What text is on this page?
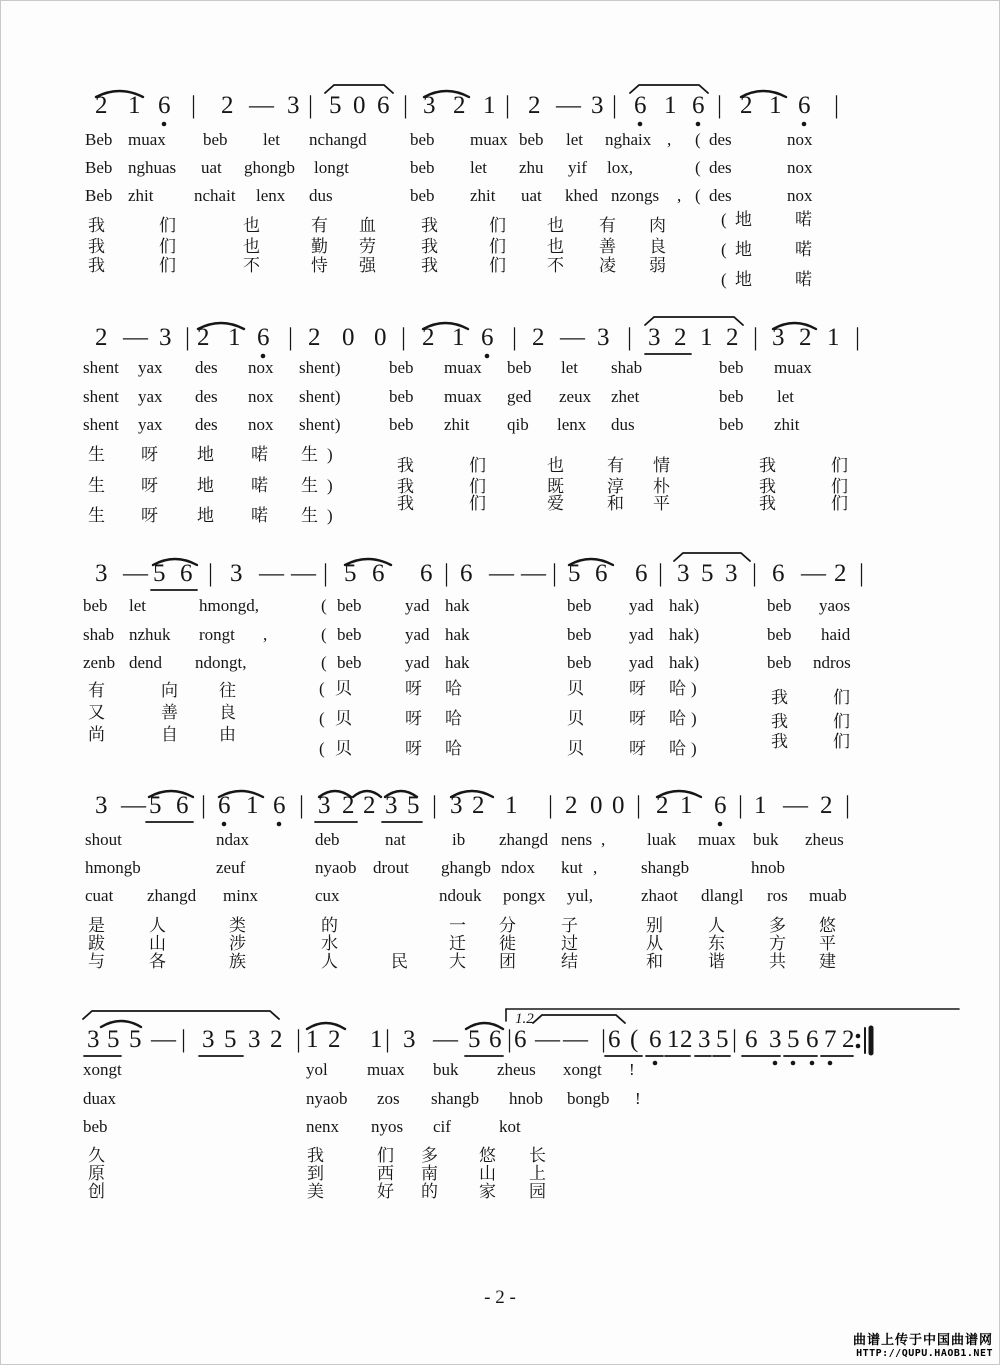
- 2 -
曲谱上传于中国曲谱网
HTTP://QUPU.HAOB1.NET
2 1 6 | 2 — 3 | 5 0 6 | 3 2 1 | 2 — 3 | 6 1 6 | 2 1 6 |
Beb muax beb let nchangd	beb muax beb let nghaix , ( des	nox
Beb nghuas uat ghongb longt	beb let zhu yif lox,	( des	nox
Beb zhit nchait lenx dus	beb zhit uat khed nzongs , ( des	nox
我	们	也	有 血	我	们 也 有 肉
我	们	也	勤 劳	我	们 也 善 良
我	们	不	恃 强	我	们 不 凌 弱
( 地	喏
( 地	喏
( 地	喏
2 — 3 | 2 1 6 | 2 0 0 | 2 1 6 | 2 — 3 | 3 2 1 2 | 3 2 1 |
shent yax des nox shent)	beb muax beb let shab	beb muax
shent yax des nox shent)	beb muax ged zeux zhet	beb let
shent yax des nox shent)	beb zhit qib lenx dus	beb zhit
生 呀 地 喏 生 )
生 呀 地 喏 生 )
生 呀 地 喏 生 )
我	们	也	有 情	我	们
我	们	既	淳 朴	我	们
我	们	爱	和 平	我	们
3 — 5 6 | 3 — — | 5 6 6 | 6 — — | 5 6 6 | 3 5 3 | 6 — 2 |
beb let	hmongd,	( beb	yad hak	beb yad hak)	beb yaos
shab nzhuk rongt ,	( beb	yad hak	beb yad hak)	beb haid
zenb dend ndongt,	( beb	yad hak	beb yad hak)	beb ndros
有	向 往
又	善 良
尚	自 由
( 贝	呀 哈	贝	呀 哈 )
( 贝	呀 哈	贝	呀 哈 )
( 贝	呀 哈	贝	呀 哈 )
我	们
我	们
我	们
3 — 5 6 | 6 1 6 | 3 2 2 3 5 | 3 2 1 | 2 0 0 | 2 1 6 | 1 — 2 |
shout	ndax	deb	nat	ib zhangd nens , luak muax buk zheus
hmongb	zeuf	nyaob drout ghangb ndox kut ,	shangb	hnob
cuat zhangd minx	cux	ndouk pongx yul,	zhaot dlangl ros muab
是	人	类	的	一 分	子	别	人	多 悠
跋	山	涉	水	迁 徙	过	从	东	方 平
与	各	族	人	民 大 团	结	和	谐	共 建
3 5 5 — | 3 5 3 2 | 1 2 1 | 3 — 5 6 | 6 — — | 6 ( 6 1 2 3 5 | 6 3 5 6 7 2
xongt	yol muax buk zheus xongt !
duax	nyaob zos shangb hnob bongb !
beb	nenx nyos cif	kot
久	我	们 多 悠 长
原	到	西 南 山 上
创	美	好 的 家 园
1.2
